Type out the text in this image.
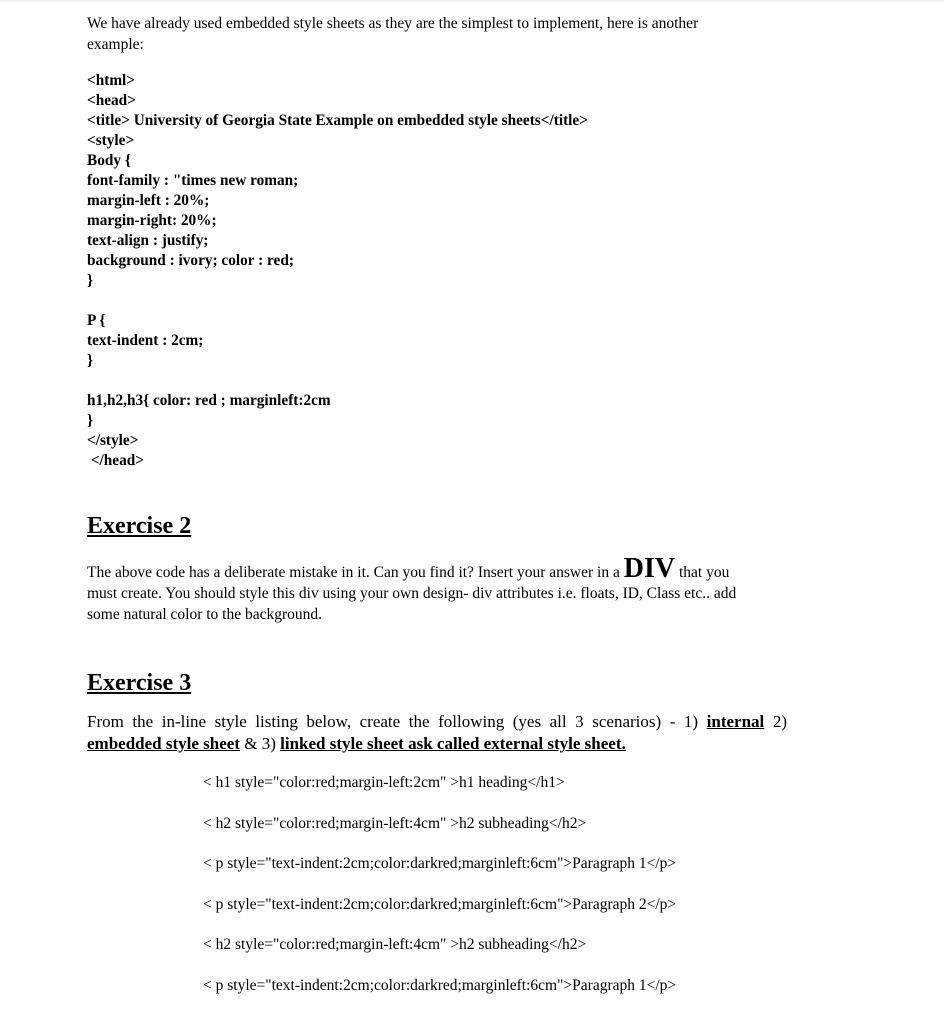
We have already used embedded style sheets as they are the simplest to implement, here is another example:

<html>
<head>
<title> University of Georgia State Example on embedded style sheets</title>
<style>
Body {
font-family : "times new roman;
margin-left : 20%;
margin-right: 20%;
text-align : justify;
background : ivory; color : red;
}
P {
text-indent : 2cm;
}
h1,h2,h3{ color: red ; marginleft:2cm
}
</style>
</head>
Exercise 2

The above code has a deliberate mistake in it. Can you find it? Insert your answer in a DIV that you must create. You should style this div using your own design- div attributes i.e. floats, ID, Class etc.. add some natural color to the background.

Exercise 3

From the in-line style listing below, create the following (yes all 3 scenarios) - 1) internal 2) embedded style sheet & 3) linked style sheet ask called external style sheet.

< h1 style="color:red;margin-left:2cm" >h1 heading</h1>
< h2 style="color:red;margin-left:4cm" >h2 subheading</h2>
< p style="text-indent:2cm;color:darkred;marginleft:6cm">Paragraph 1</p>
< p style="text-indent:2cm;color:darkred;marginleft:6cm">Paragraph 2</p>
< h2 style="color:red;margin-left:4cm" >h2 subheading</h2>
< p style="text-indent:2cm;color:darkred;marginleft:6cm">Paragraph 1</p>
